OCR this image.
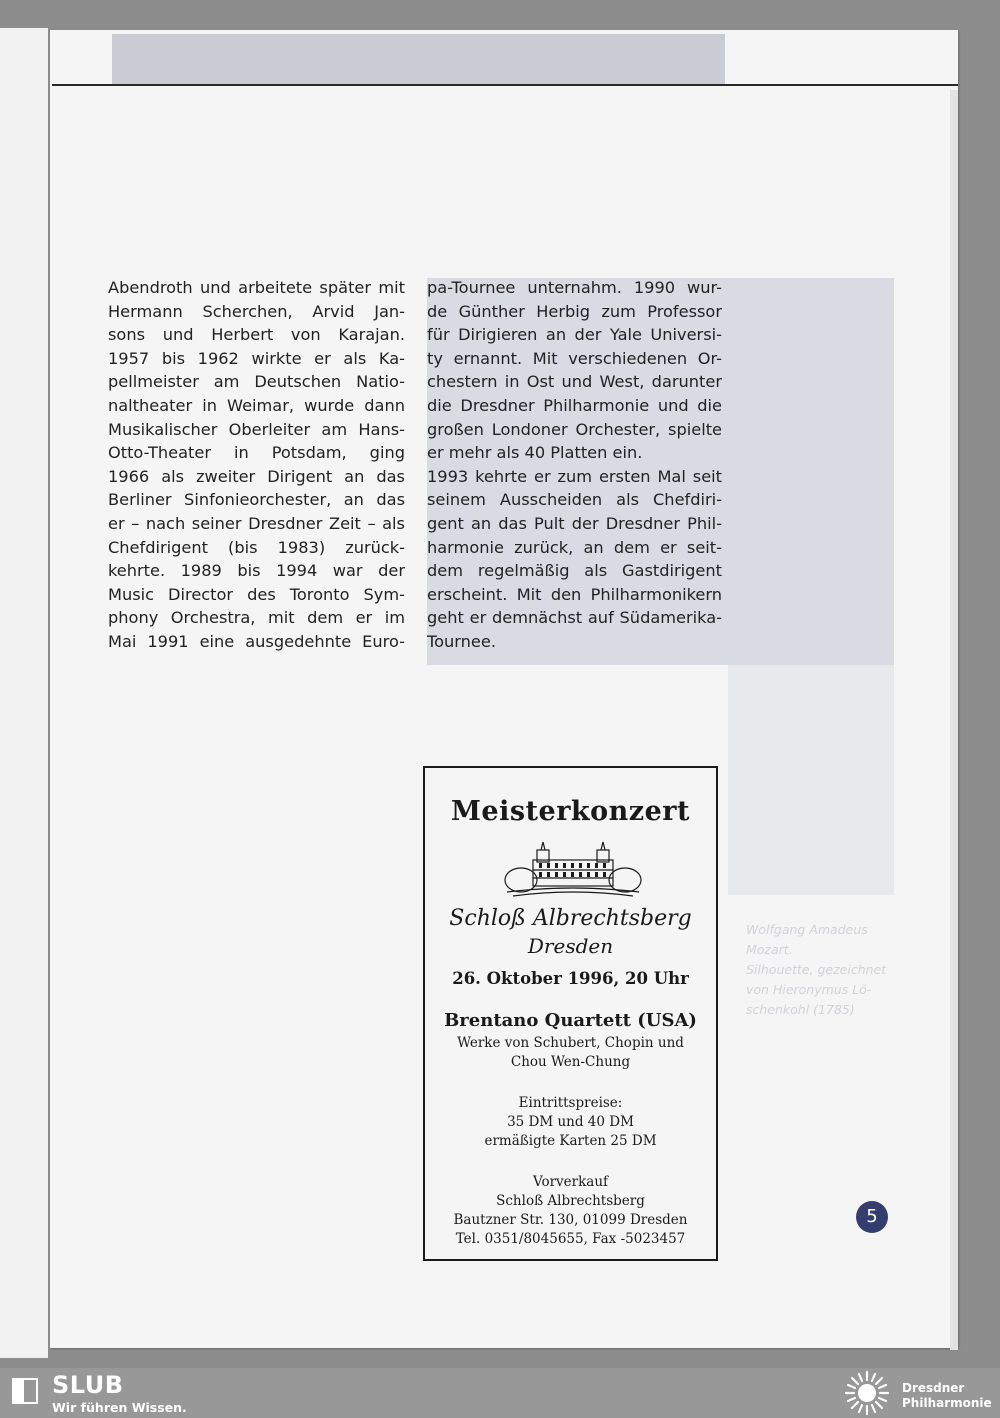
Abendroth und arbeitete später mit
Hermann Scherchen, Arvid Jan-
sons und Herbert von Karajan.
1957 bis 1962 wirkte er als Ka-
pellmeister am Deutschen Natio-
naltheater in Weimar, wurde dann
Musikalischer Oberleiter am Hans-
Otto-Theater in Potsdam, ging
1966 als zweiter Dirigent an das
Berliner Sinfonieorchester, an das
er – nach seiner Dresdner Zeit – als
Chefdirigent (bis 1983) zurück-
kehrte. 1989 bis 1994 war der
Music Director des Toronto Sym-
phony Orchestra, mit dem er im
Mai 1991 eine ausgedehnte Euro-
pa-Tournee unternahm. 1990 wur-
de Günther Herbig zum Professor
für Dirigieren an der Yale Universi-
ty ernannt. Mit verschiedenen Or-
chestern in Ost und West, darunter
die Dresdner Philharmonie und die
großen Londoner Orchester, spielte
er mehr als 40 Platten ein.
1993 kehrte er zum ersten Mal seit
seinem Ausscheiden als Chefdiri-
gent an das Pult der Dresdner Phil-
harmonie zurück, an dem er seit-
dem regelmäßig als Gastdirigent
erscheint. Mit den Philharmonikern
geht er demnächst auf Südamerika-
Tournee.
Wolfgang Amadeus
Mozart.
Silhouette, gezeichnet
von Hieronymus Lö-
schenkohl (1785)
Meisterkonzert
Schloß Albrechtsberg
Dresden
26. Oktober 1996, 20 Uhr
Brentano Quartett (USA)
Werke von Schubert, Chopin und
Chou Wen-Chung
Eintrittspreise:
35 DM und 40 DM
ermäßigte Karten 25 DM
Vorverkauf
Schloß Albrechtsberg
Bautzner Str. 130, 01099 Dresden
Tel. 0351/8045655, Fax -5023457
5
SLUB
Wir führen Wissen.
Dresdner
Philharmonie
